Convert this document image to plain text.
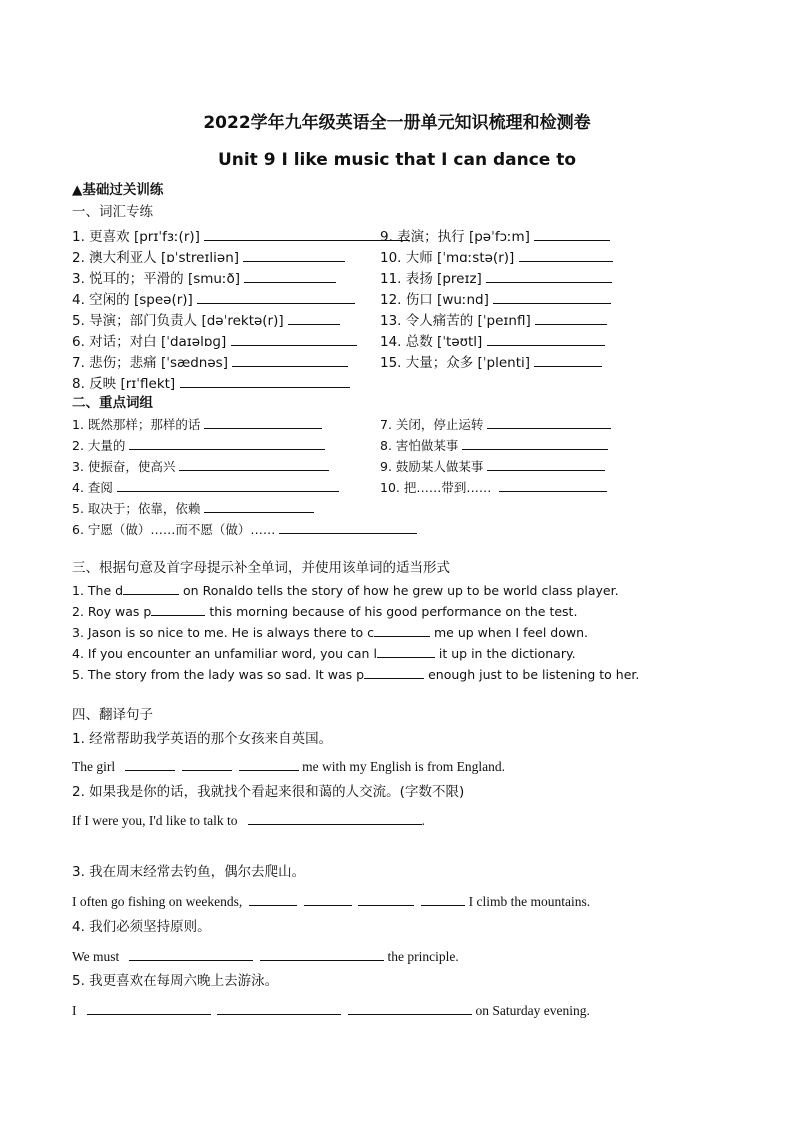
2022学年九年级英语全一册单元知识梳理和检测卷
Unit 9 I like music that I can dance to
▲基础过关训练
一、词汇专练
1. 更喜欢 [prɪˈfɜː(r)]
2. 澳大利亚人 [ɒˈstreɪliən]
3. 悦耳的；平滑的 [smuːð]
4. 空闲的 [speə(r)]
5. 导演；部门负责人 [dəˈrektə(r)]
6. 对话；对白 [ˈdaɪəlɒɡ]
7. 悲伤；悲痛 [ˈsædnəs]
8. 反映 [rɪˈflekt]
9. 表演；执行 [pəˈfɔːm]
10. 大师 [ˈmɑːstə(r)]
11. 表扬 [preɪz]
12. 伤口 [wuːnd]
13. 令人痛苦的 [ˈpeɪnfl]
14. 总数 [ˈtəʊtl]
15. 大量；众多 [ˈplenti]
二、重点词组
1. 既然那样；那样的话
2. 大量的
3. 使振奋，使高兴
4. 查阅
5. 取决于；依靠，依赖
6. 宁愿（做）……而不愿（做）……
7. 关闭，停止运转
8. 害怕做某事
9. 鼓励某人做某事
10. 把……带到……
三、根据句意及首字母提示补全单词，并使用该单词的适当形式
1. The d	on Ronaldo tells the story of how he grew up to be world class player.
2. Roy was p	this morning because of his good performance on the test.
3. Jason is so nice to me. He is always there to c	me up when I feel down.
4. If you encounter an unfamiliar word, you can l	it up in the dictionary.
5. The story from the lady was so sad. It was p	enough just to be listening to her.
四、翻译句子
1. 经常帮助我学英语的那个女孩来自英国。
The girl	me with my English is from England.
2. 如果我是你的话，我就找个看起来很和蔼的人交流。(字数不限)
If I were you, I'd like to talk to	.
3. 我在周末经常去钓鱼，偶尔去爬山。
I often go fishing on weekends,	I climb the mountains.
4. 我们必须坚持原则。
We must	the principle.
5. 我更喜欢在每周六晚上去游泳。
I	on Saturday evening.
